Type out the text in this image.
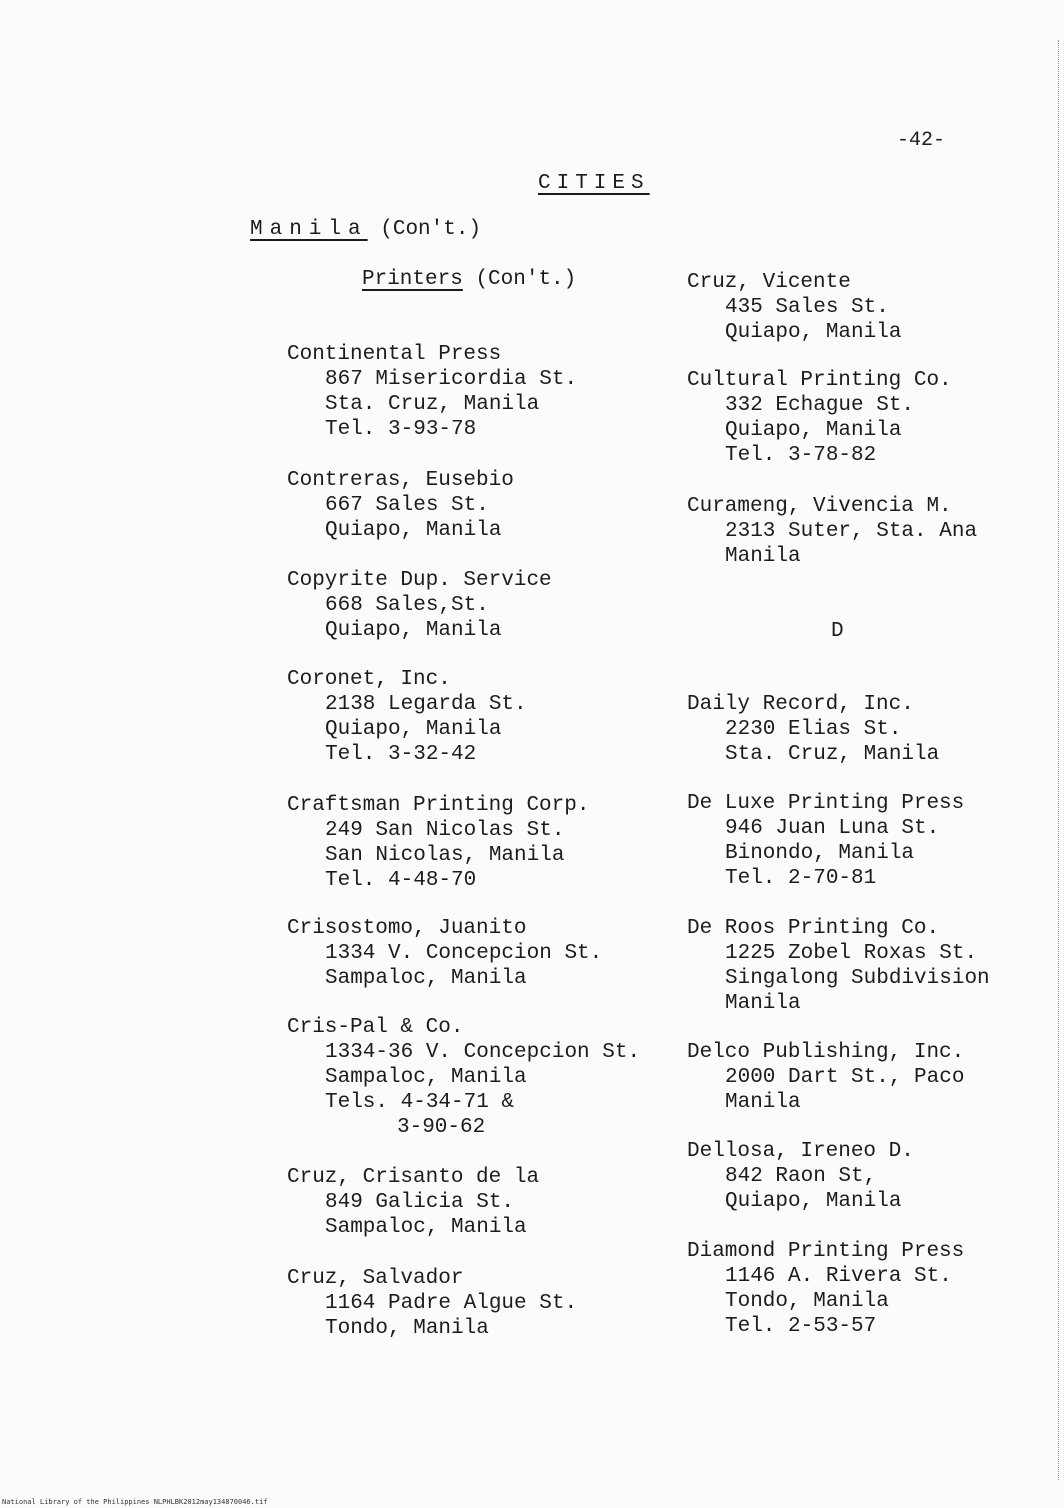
-42-
CITIES
Manila (Con't.)
Printers (Con't.)
Continental Press
867 Misericordia St.
Sta. Cruz, Manila
Tel. 3-93-78
Contreras, Eusebio
667 Sales St.
Quiapo, Manila
Copyrite Dup. Service
668 Sales,St.
Quiapo, Manila
Coronet, Inc.
2138 Legarda St.
Quiapo, Manila
Tel. 3-32-42
Craftsman Printing Corp.
249 San Nicolas St.
San Nicolas, Manila
Tel. 4-48-70
Crisostomo, Juanito
1334 V. Concepcion St.
Sampaloc, Manila
Cris-Pal & Co.
1334-36 V. Concepcion St.
Sampaloc, Manila
Tels. 4-34-71 &
3-90-62
Cruz, Crisanto de la
849 Galicia St.
Sampaloc, Manila
Cruz, Salvador
1164 Padre Algue St.
Tondo, Manila
Cruz, Vicente
435 Sales St.
Quiapo, Manila
Cultural Printing Co.
332 Echague St.
Quiapo, Manila
Tel. 3-78-82
Curameng, Vivencia M.
2313 Suter, Sta. Ana
Manila
D
Daily Record, Inc.
2230 Elias St.
Sta. Cruz, Manila
De Luxe Printing Press
946 Juan Luna St.
Binondo, Manila
Tel. 2-70-81
De Roos Printing Co.
1225 Zobel Roxas St.
Singalong Subdivision
Manila
Delco Publishing, Inc.
2000 Dart St., Paco
Manila
Dellosa, Ireneo D.
842 Raon St,
Quiapo, Manila
Diamond Printing Press
1146 A. Rivera St.
Tondo, Manila
Tel. 2-53-57
National Library of the Philippines NLPHLBK2012may134870046.tif
